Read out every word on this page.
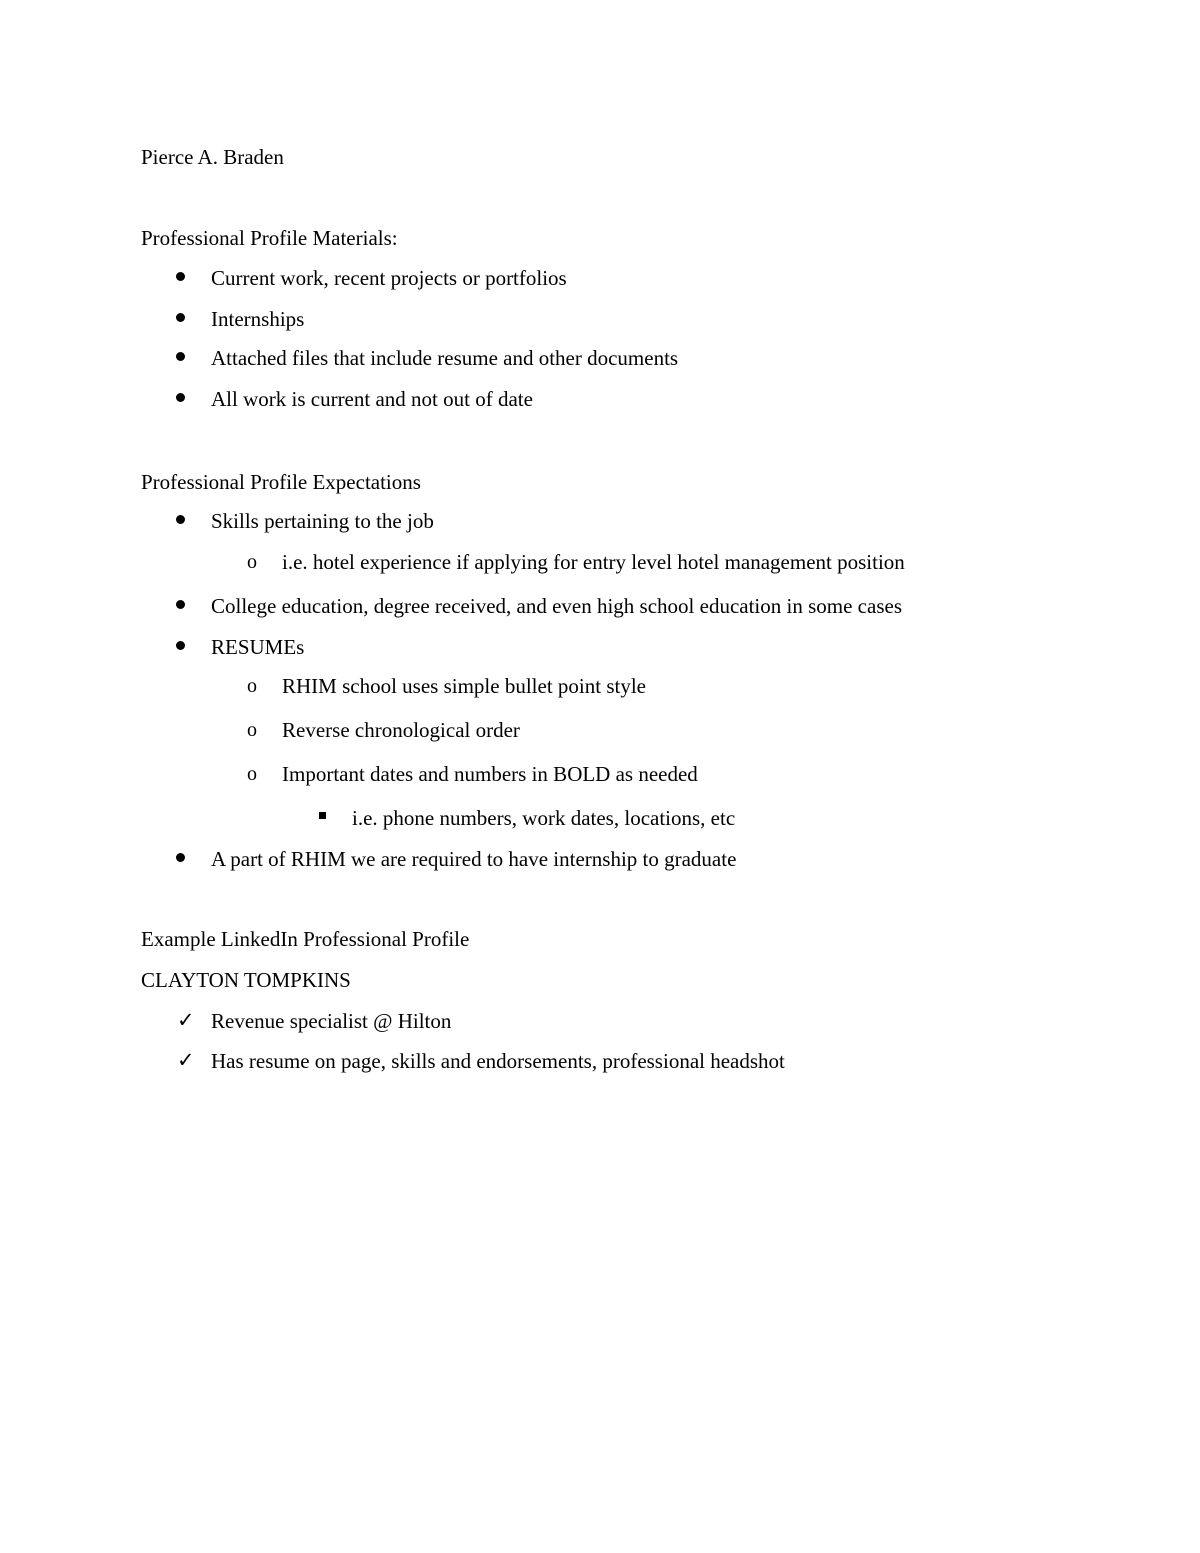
Pierce A. Braden
Professional Profile Materials:
Current work, recent projects or portfolios
Internships
Attached files that include resume and other documents
All work is current and not out of date
Professional Profile Expectations
Skills pertaining to the job
o i.e. hotel experience if applying for entry level hotel management position
College education, degree received, and even high school education in some cases
RESUMEs
o RHIM school uses simple bullet point style
o Reverse chronological order
o Important dates and numbers in BOLD as needed
i.e. phone numbers, work dates, locations, etc
A part of RHIM we are required to have internship to graduate
Example LinkedIn Professional Profile
CLAYTON TOMPKINS
✓ Revenue specialist @ Hilton
✓ Has resume on page, skills and endorsements, professional headshot
